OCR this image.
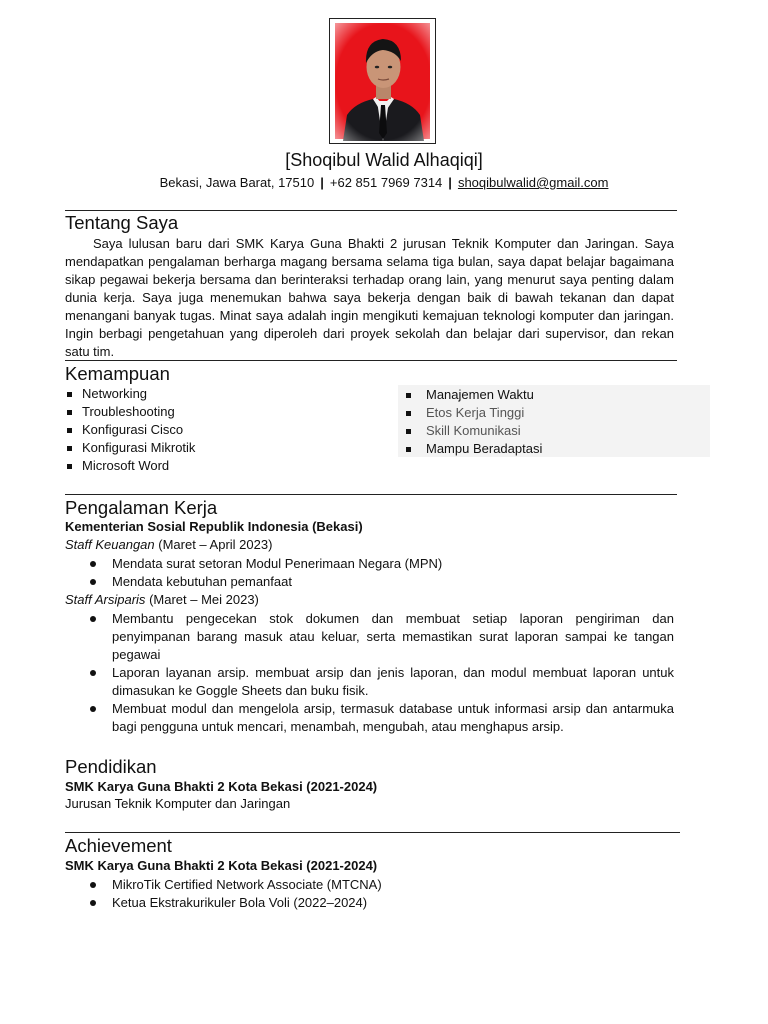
[Shoqibul Walid Alhaqiqi]
Bekasi, Jawa Barat, 17510 | +62 851 7969 7314 | shoqibulwalid@gmail.com
Tentang Saya
Saya lulusan baru dari SMK Karya Guna Bhakti 2 jurusan Teknik Komputer dan Jaringan. Saya mendapatkan pengalaman berharga magang bersama selama tiga bulan, saya dapat belajar bagaimana sikap pegawai bekerja bersama dan berinteraksi terhadap orang lain, yang menurut saya penting dalam dunia kerja. Saya juga menemukan bahwa saya bekerja dengan baik di bawah tekanan dan dapat menangani banyak tugas. Minat saya adalah ingin mengikuti kemajuan teknologi komputer dan jaringan. Ingin berbagi pengetahuan yang diperoleh dari proyek sekolah dan belajar dari supervisor, dan rekan satu tim.
Kemampuan
Networking
Troubleshooting
Konfigurasi Cisco
Konfigurasi Mikrotik
Microsoft Word
Manajemen Waktu
Etos Kerja Tinggi
Skill Komunikasi
Mampu Beradaptasi
Pengalaman Kerja
Kementerian Sosial Republik Indonesia (Bekasi)
Staff Keuangan (Maret – April 2023)
Mendata surat setoran Modul Penerimaan Negara (MPN)
Mendata kebutuhan pemanfaat
Staff Arsiparis (Maret – Mei 2023)
Membantu pengecekan stok dokumen dan membuat setiap laporan pengiriman dan penyimpanan barang masuk atau keluar, serta memastikan surat laporan sampai ke tangan pegawai
Laporan layanan arsip. membuat arsip dan jenis laporan, dan modul membuat laporan untuk dimasukan ke Goggle Sheets dan buku fisik.
Membuat modul dan mengelola arsip, termasuk database untuk informasi arsip dan antarmuka bagi pengguna untuk mencari, menambah, mengubah, atau menghapus arsip.
Pendidikan
SMK Karya Guna Bhakti 2 Kota Bekasi (2021-2024)
Jurusan Teknik Komputer dan Jaringan
Achievement
SMK Karya Guna Bhakti 2 Kota Bekasi (2021-2024)
MikroTik Certified Network Associate (MTCNA)
Ketua Ekstrakurikuler Bola Voli (2022–2024)
